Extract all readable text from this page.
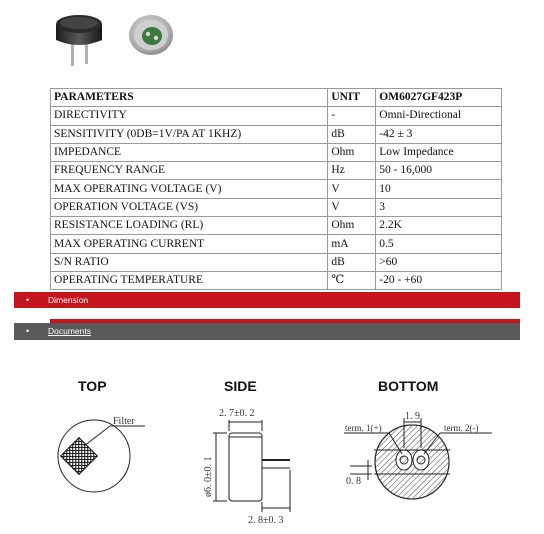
PARAMETERS	UNIT	OM6027GF423P
DIRECTIVITY	-	Omni-Directional
SENSITIVITY (0DB=1V/PA AT 1KHZ)	dB	-42 ± 3
IMPEDANCE	Ohm	Low Impedance
FREQUENCY RANGE	Hz	50 - 16,000
MAX OPERATING VOLTAGE (V)	V	10
OPERATION VOLTAGE (VS)	V	3
RESISTANCE LOADING (RL)	Ohm	2.2K
MAX OPERATING CURRENT	mA	0.5
S/N RATIO	dB	>60
OPERATING TEMPERATURE	℃	-20 - +60
• Dimension
• Documents
TOP	SIDE	BOTTOM
Filter
2. 7±0. 2
ø6. 0±0. 1
2. 8±0. 3
1. 9
term. 1(+)	term. 2(-)
0. 8
